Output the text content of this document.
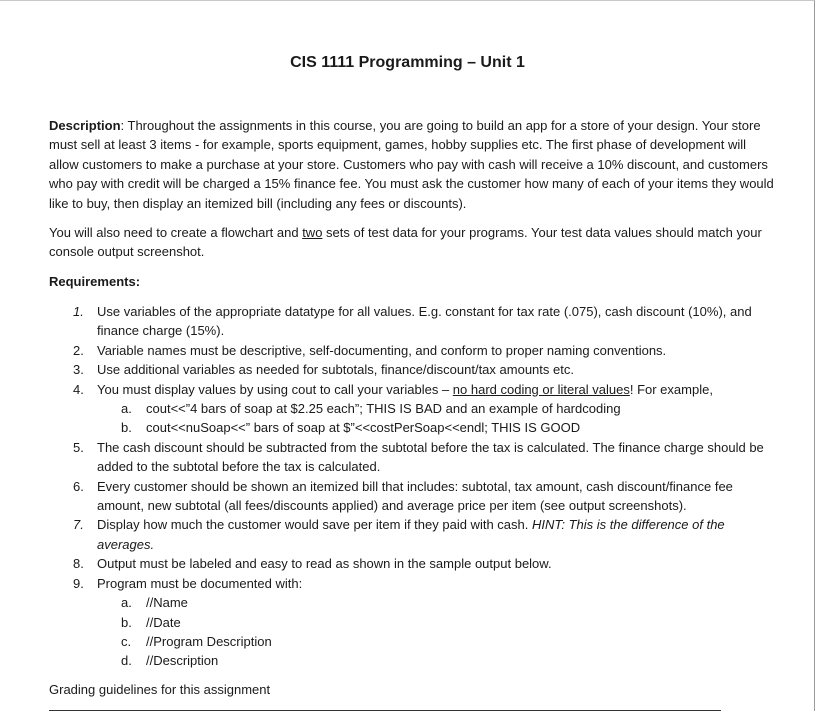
CIS 1111 Programming – Unit 1

Description: Throughout the assignments in this course, you are going to build an app for a store of your design. Your store must sell at least 3 items - for example, sports equipment, games, hobby supplies etc. The first phase of development will allow customers to make a purchase at your store. Customers who pay with cash will receive a 10% discount, and customers who pay with credit will be charged a 15% finance fee. You must ask the customer how many of each of your items they would like to buy, then display an itemized bill (including any fees or discounts).

You will also need to create a flowchart and two sets of test data for your programs. Your test data values should match your console output screenshot.

Requirements:

1. Use variables of the appropriate datatype for all values. E.g. constant for tax rate (.075), cash discount (10%), and finance charge (15%).
2. Variable names must be descriptive, self-documenting, and conform to proper naming conventions.
3. Use additional variables as needed for subtotals, finance/discount/tax amounts etc.
4. You must display values by using cout to call your variables – no hard coding or literal values! For example,
a. cout<<”4 bars of soap at $2.25 each”; THIS IS BAD and an example of hardcoding
b. cout<<nuSoap<<” bars of soap at $”<<costPerSoap<<endl; THIS IS GOOD
5. The cash discount should be subtracted from the subtotal before the tax is calculated. The finance charge should be added to the subtotal before the tax is calculated.
6. Every customer should be shown an itemized bill that includes: subtotal, tax amount, cash discount/finance fee amount, new subtotal (all fees/discounts applied) and average price per item (see output screenshots).
7. Display how much the customer would save per item if they paid with cash. HINT: This is the difference of the averages.
8. Output must be labeled and easy to read as shown in the sample output below.
9. Program must be documented with:
a. //Name
b. //Date
c. //Program Description
d. //Description
Grading guidelines for this assignment
